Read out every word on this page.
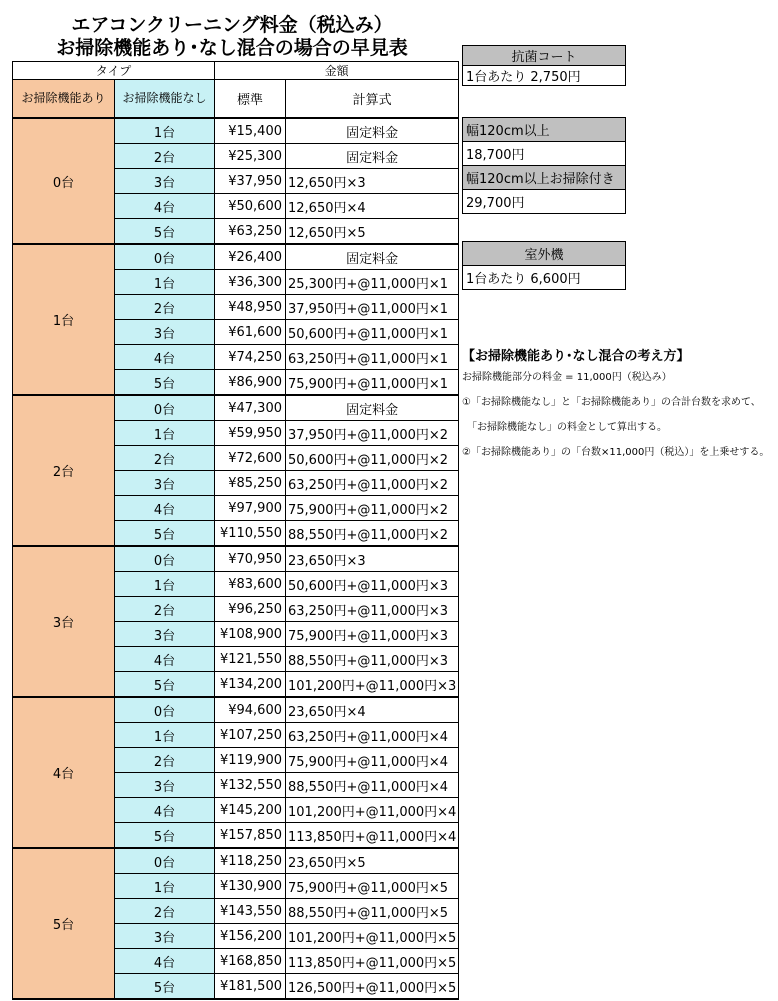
エアコンクリーニング料金（税込み）
お掃除機能あり･なし混合の場合の早見表
タイプ		金額	
お掃除機能あり	お掃除機能なし	標準	計算式
0台	1台	¥15,400	固定料金
	2台	¥25,300	固定料金
	3台	¥37,950	12,650円×3
	4台	¥50,600	12,650円×4
	5台	¥63,250	12,650円×5
1台	0台	¥26,400	固定料金
	1台	¥36,300	25,300円+@11,000円×1
	2台	¥48,950	37,950円+@11,000円×1
	3台	¥61,600	50,600円+@11,000円×1
	4台	¥74,250	63,250円+@11,000円×1
	5台	¥86,900	75,900円+@11,000円×1
2台	0台	¥47,300	固定料金
	1台	¥59,950	37,950円+@11,000円×2
	2台	¥72,600	50,600円+@11,000円×2
	3台	¥85,250	63,250円+@11,000円×2
	4台	¥97,900	75,900円+@11,000円×2
	5台	¥110,550	88,550円+@11,000円×2
3台	0台	¥70,950	23,650円×3
	1台	¥83,600	50,600円+@11,000円×3
	2台	¥96,250	63,250円+@11,000円×3
	3台	¥108,900	75,900円+@11,000円×3
	4台	¥121,550	88,550円+@11,000円×3
	5台	¥134,200	101,200円+@11,000円×3
4台	0台	¥94,600	23,650円×4
	1台	¥107,250	63,250円+@11,000円×4
	2台	¥119,900	75,900円+@11,000円×4
	3台	¥132,550	88,550円+@11,000円×4
	4台	¥145,200	101,200円+@11,000円×4
	5台	¥157,850	113,850円+@11,000円×4
5台	0台	¥118,250	23,650円×5
	1台	¥130,900	75,900円+@11,000円×5
	2台	¥143,550	88,550円+@11,000円×5
	3台	¥156,200	101,200円+@11,000円×5
	4台	¥168,850	113,850円+@11,000円×5
	5台	¥181,500	126,500円+@11,000円×5
抗菌コート
1台あたり 2,750円
幅120cm以上
18,700円
幅120cm以上お掃除付き
29,700円
室外機
1台あたり 6,600円
【お掃除機能あり･なし混合の考え方】
お掃除機能部分の料金 = 11,000円（税込み）
①「お掃除機能なし」と「お掃除機能あり」の合計台数を求めて、
　「お掃除機能なし」の料金として算出する。
②「お掃除機能あり」の「台数×11,000円（税込）」を上乗せする。
